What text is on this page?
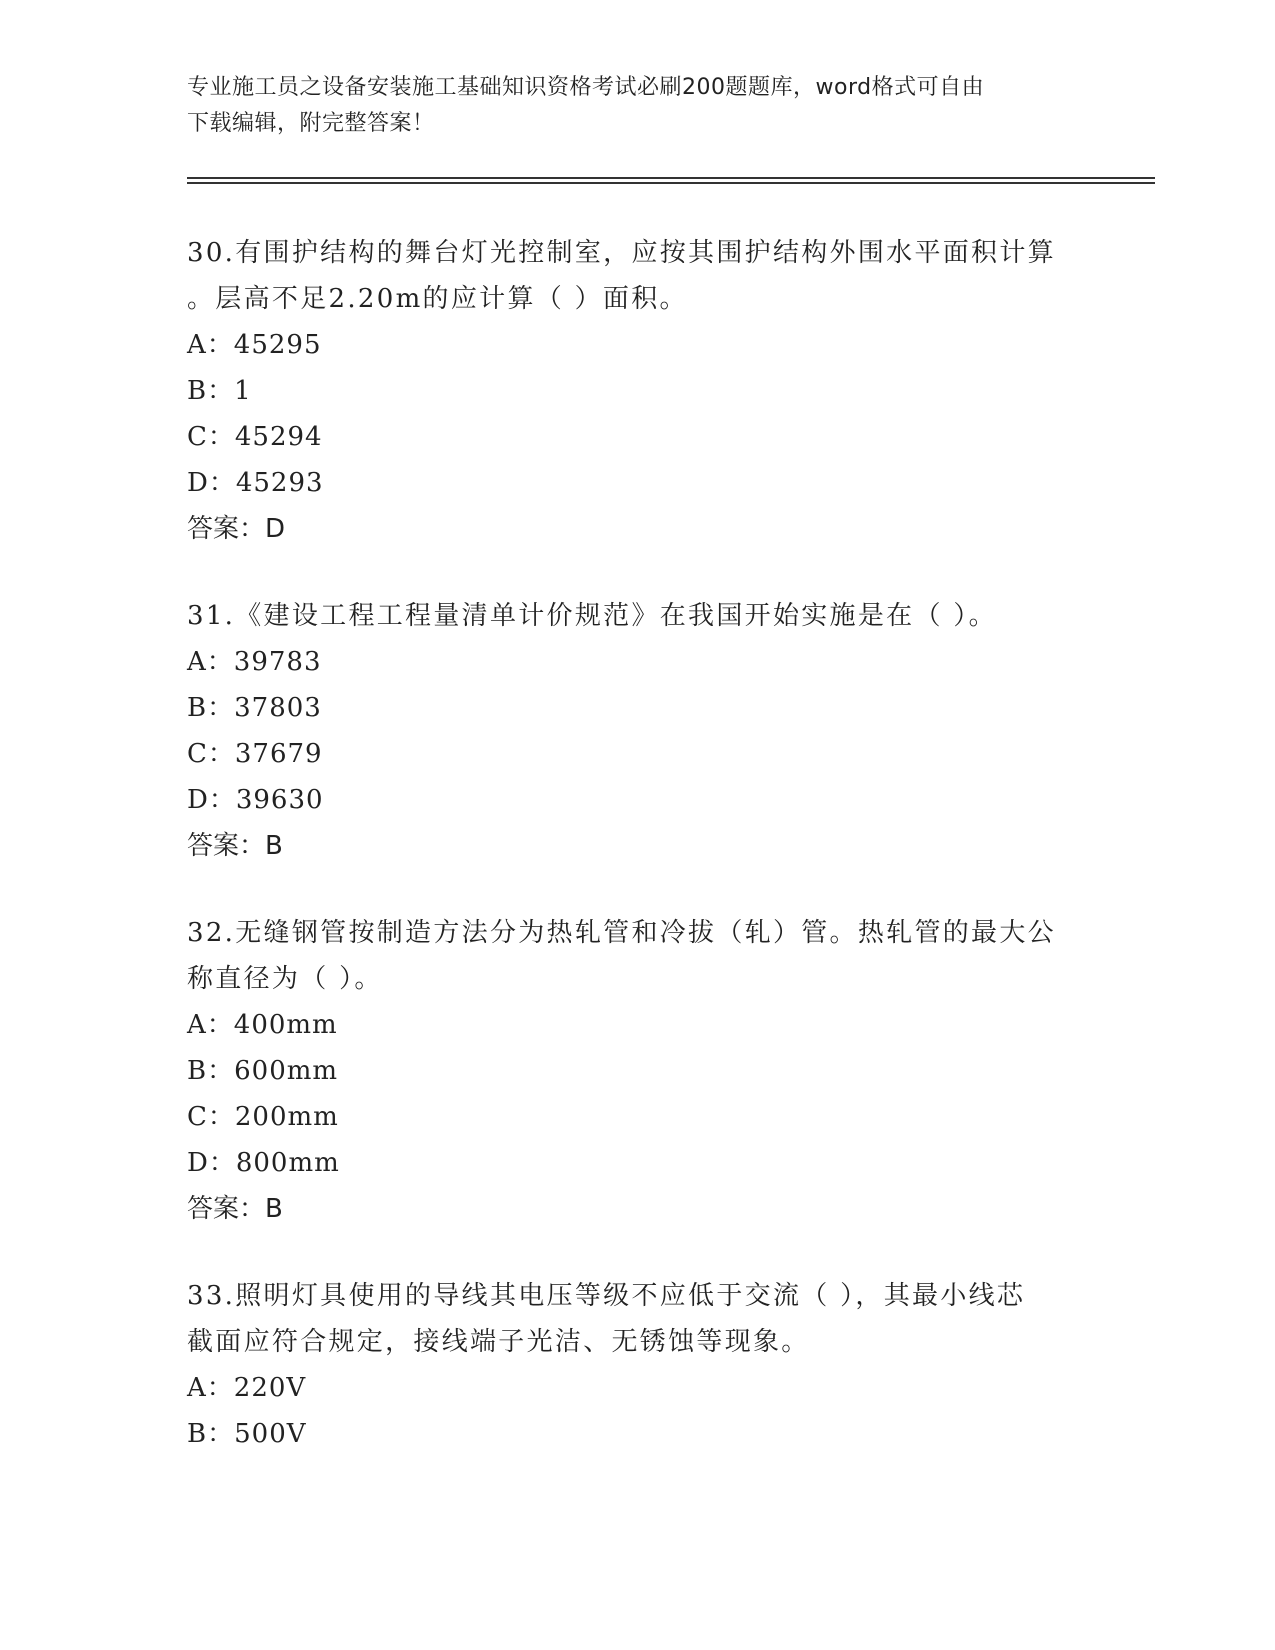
专业施工员之设备安装施工基础知识资格考试必刷200题题库，word格式可自由
下载编辑，附完整答案！
30.有围护结构的舞台灯光控制室，应按其围护结构外围水平面积计算
。层高不足2.20m的应计算（ ）面积。
A：45295
B：1
C：45294
D：45293
答案：D
31.《建设工程工程量清单计价规范》在我国开始实施是在（ ）。
A：39783
B：37803
C：37679
D：39630
答案：B
32.无缝钢管按制造方法分为热轧管和冷拔（轧）管。热轧管的最大公
称直径为（ ）。
A：400mm
B：600mm
C：200mm
D：800mm
答案：B
33.照明灯具使用的导线其电压等级不应低于交流（ ），其最小线芯
截面应符合规定，接线端子光洁、无锈蚀等现象。
A：220V
B：500V
